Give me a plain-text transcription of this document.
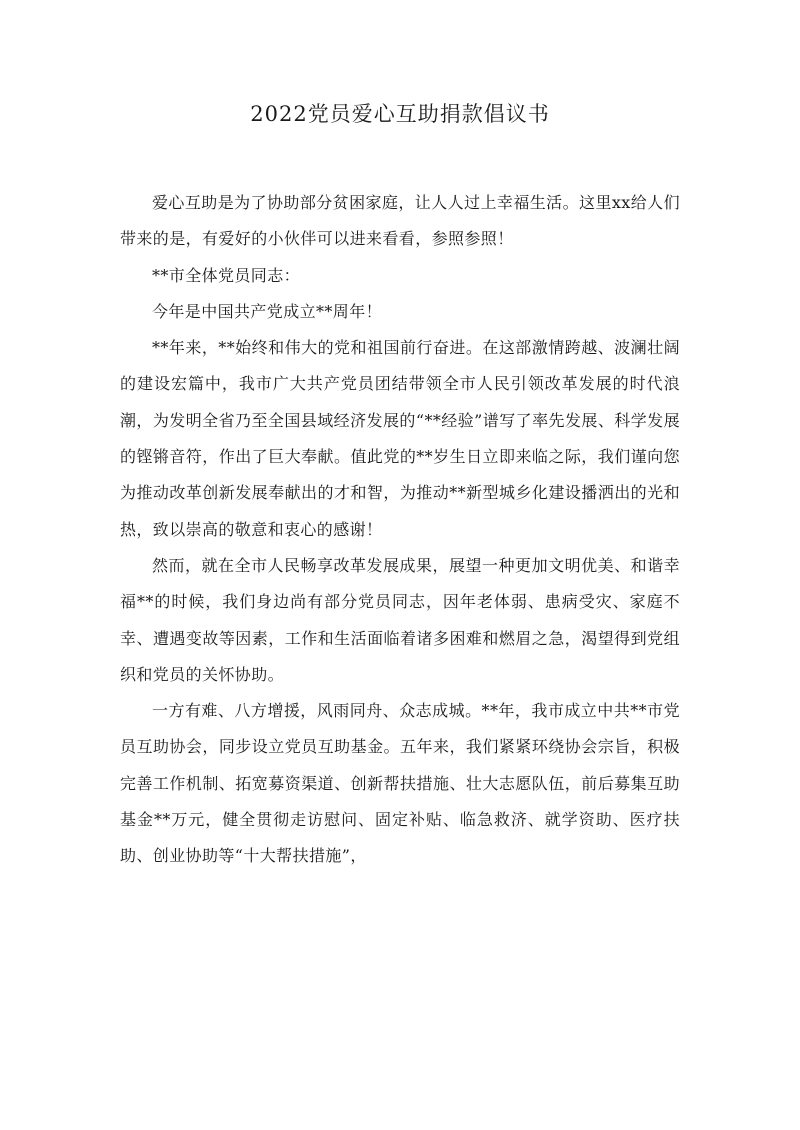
2022党员爱心互助捐款倡议书

爱心互助是为了协助部分贫困家庭，让人人过上幸福生活。这里xx给人们带来的是，有爱好的小伙伴可以进来看看，参照参照！

**市全体党员同志：

今年是中国共产党成立**周年！

**年来，**始终和伟大的党和祖国前行奋进。在这部激情跨越、波澜壮阔的建设宏篇中，我市广大共产党员团结带领全市人民引领改革发展的时代浪潮，为发明全省乃至全国县域经济发展的“**经验”谱写了率先发展、科学发展的铿锵音符，作出了巨大奉献。值此党的**岁生日立即来临之际，我们谨向您为推动改革创新发展奉献出的才和智，为推动**新型城乡化建设播洒出的光和热，致以崇高的敬意和衷心的感谢！

然而，就在全市人民畅享改革发展成果，展望一种更加文明优美、和谐幸福**的时候，我们身边尚有部分党员同志，因年老体弱、患病受灾、家庭不幸、遭遇变故等因素，工作和生活面临着诸多困难和燃眉之急，渴望得到党组织和党员的关怀协助。

一方有难、八方增援，风雨同舟、众志成城。**年，我市成立中共**市党员互助协会，同步设立党员互助基金。五年来，我们紧紧环绕协会宗旨，积极完善工作机制、拓宽募资渠道、创新帮扶措施、壮大志愿队伍，前后募集互助基金**万元，健全贯彻走访慰问、固定补贴、临急救济、就学资助、医疗扶助、创业协助等“十大帮扶措施”，
